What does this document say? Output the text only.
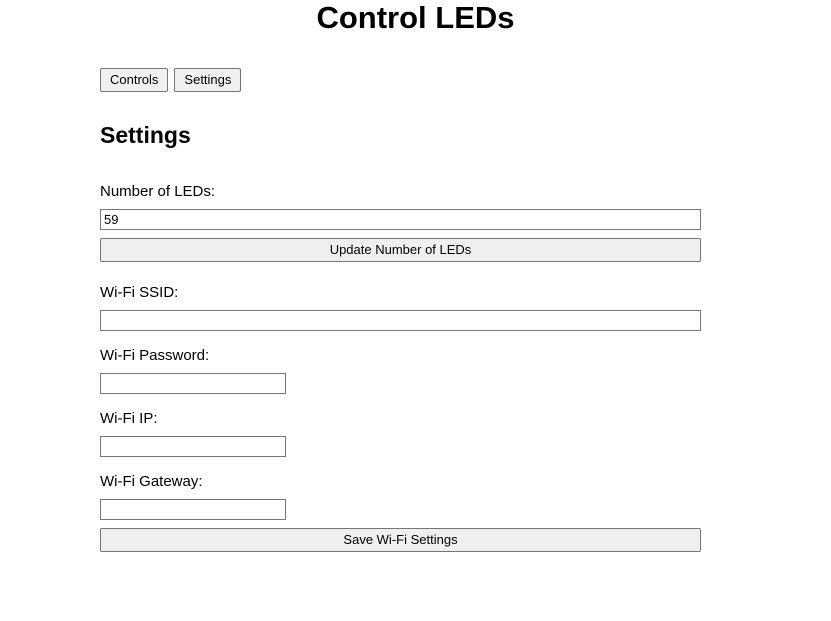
Control LEDs
Controls	Settings
Settings
Number of LEDs:
59
Update Number of LEDs
Wi-Fi SSID:
Wi-Fi Password:
Wi-Fi IP:
Wi-Fi Gateway:
Save Wi-Fi Settings
